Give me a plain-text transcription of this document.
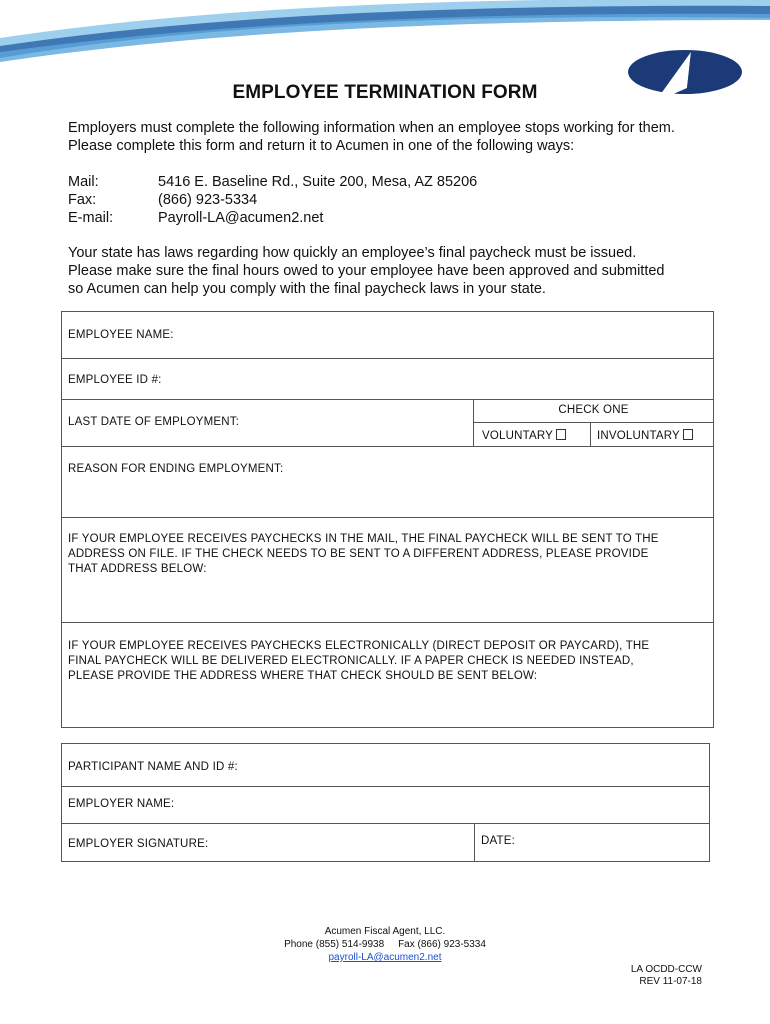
EMPLOYEE TERMINATION FORM

Employers must complete the following information when an employee stops working for them.

Please complete this form and return it to Acumen in one of the following ways:

Mail:	5416 E. Baseline Rd., Suite 200, Mesa, AZ 85206
Fax:	(866) 923-5334
E-mail:	Payroll-LA@acumen2.net

Your state has laws regarding how quickly an employee’s final paycheck must be issued.

Please make sure the final hours owed to your employee have been approved and submitted

so Acumen can help you comply with the final paycheck laws in your state.

EMPLOYEE NAME:
EMPLOYEE ID #:
LAST DATE OF EMPLOYMENT:
CHECK ONE
VOLUNTARY	INVOLUNTARY
REASON FOR ENDING EMPLOYMENT:
IF YOUR EMPLOYEE RECEIVES PAYCHECKS IN THE MAIL, THE FINAL PAYCHECK WILL BE SENT TO THE
ADDRESS ON FILE. IF THE CHECK NEEDS TO BE SENT TO A DIFFERENT ADDRESS, PLEASE PROVIDE
THAT ADDRESS BELOW:
IF YOUR EMPLOYEE RECEIVES PAYCHECKS ELECTRONICALLY (DIRECT DEPOSIT OR PAYCARD), THE
FINAL PAYCHECK WILL BE DELIVERED ELECTRONICALLY. IF A PAPER CHECK IS NEEDED INSTEAD,
PLEASE PROVIDE THE ADDRESS WHERE THAT CHECK SHOULD BE SENT BELOW:
PARTICIPANT NAME AND ID #:
EMPLOYER NAME:
EMPLOYER SIGNATURE:	DATE:
Acumen Fiscal Agent, LLC.
Phone (855) 514-9938 Fax (866) 923-5334
payroll-LA@acumen2.net
LA OCDD-CCW
REV 11-07-18
